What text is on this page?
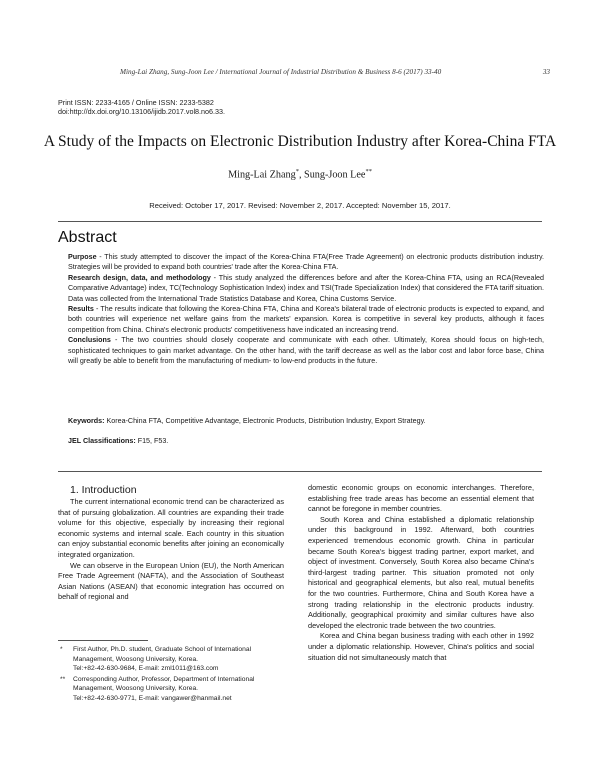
Ming-Lai Zhang, Sung-Joon Lee / International Journal of Industrial Distribution & Business 8-6 (2017) 33-40	33
Print ISSN: 2233-4165 / Online ISSN: 2233-5382
doi:http://dx.doi.org/10.13106/ijidb.2017.vol8.no6.33.
A Study of the Impacts on Electronic Distribution Industry after Korea-China FTA
Ming-Lai Zhang*, Sung-Joon Lee**
Received: October 17, 2017. Revised: November 2, 2017. Accepted: November 15, 2017.
Abstract

Purpose - This study attempted to discover the impact of the Korea-China FTA(Free Trade Agreement) on electronic products distribution industry. Strategies will be provided to expand both countries' trade after the Korea-China FTA.

Research design, data, and methodology - This study analyzed the differences before and after the Korea-China FTA, using an RCA(Revealed Comparative Advantage) index, TC(Technology Sophistication Index) index and TSI(Trade Specialization Index) that considered the FTA tariff situation. Data was collected from the International Trade Statistics Database and Korea, China Customs Service.

Results - The results indicate that following the Korea-China FTA, China and Korea's bilateral trade of electronic products is expected to expand, and both countries will experience net welfare gains from the markets' expansion. Korea is competitive in several key products, although it faces competition from China. China's electronic products' competitiveness have indicated an increasing trend.

Conclusions - The two countries should closely cooperate and communicate with each other. Ultimately, Korea should focus on high-tech, sophisticated techniques to gain market advantage. On the other hand, with the tariff decrease as well as the labor cost and labor force base, China will greatly be able to benefit from the manufacturing of medium- to low-end products in the future.

Keywords: Korea-China FTA, Competitive Advantage, Electronic Products, Distribution Industry, Export Strategy.
JEL Classifications: F15, F53.

1. Introduction

The current international economic trend can be characterized as that of pursuing globalization. All countries are expanding their trade volume for this objective, especially by increasing their regional economic systems and internal scale. Each country in this situation can enjoy substantial economic benefits after joining an economically integrated organization.

We can observe in the European Union (EU), the North American Free Trade Agreement (NAFTA), and the Association of Southeast Asian Nations (ASEAN) that economic integration has occurred on behalf of regional and

domestic economic groups on economic interchanges. Therefore, establishing free trade areas has become an essential element that cannot be foregone in member countries.

South Korea and China established a diplomatic relationship under this background in 1992. Afterward, both countries experienced tremendous economic growth. China in particular became South Korea's biggest trading partner, export market, and object of investment. Conversely, South Korea also became China's third-largest trading partner. This situation promoted not only historical and geographical elements, but also real, mutual benefits for the two countries. Furthermore, China and South Korea have a strong trading relationship in the electronic products industry. Additionally, geographical proximity and similar cultures have also developed the electronic trade between the two countries.

Korea and China began business trading with each other in 1992 under a diplomatic relationship. However, China's politics and social situation did not simultaneously match that

* First Author, Ph.D. student, Graduate School of International
Management, Woosong University, Korea.
Tel:+82-42-630-9684, E-mail: zml1011@163.com
** Corresponding Author, Professor, Department of International
Management, Woosong University, Korea.
Tel:+82-42-630-9771, E-mail: vangawer@hanmail.net
